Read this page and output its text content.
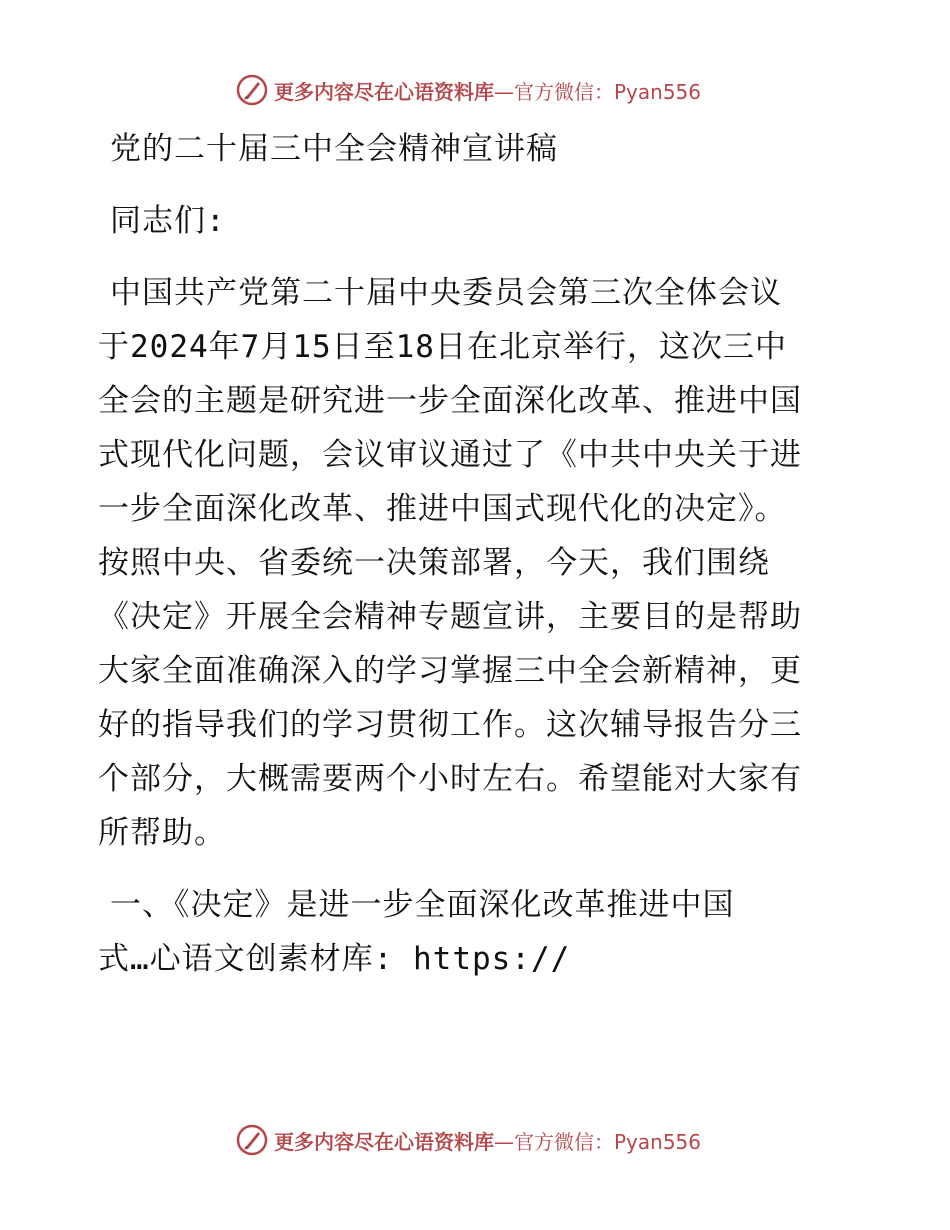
更多内容尽在心语资料库 —官方微信：Pyan556
党的二十届三中全会精神宣讲稿
同志们:
中国共产党第二十届中央委员会第三次全体会议
于2024年7月15日至18日在北京举行，这次三中
全会的主题是研究进一步全面深化改革、推进中国
式现代化问题，会议审议通过了《中共中央关于进
一步全面深化改革、推进中国式现代化的决定》。
按照中央、省委统一决策部署，今天，我们围绕
《决定》开展全会精神专题宣讲，主要目的是帮助
大家全面准确深入的学习掌握三中全会新精神，更
好的指导我们的学习贯彻工作。这次辅导报告分三
个部分，大概需要两个小时左右。希望能对大家有
所帮助。
一、《决定》是进一步全面深化改革推进中国
式…心语文创素材库: https://
更多内容尽在心语资料库 —官方微信：Pyan556
